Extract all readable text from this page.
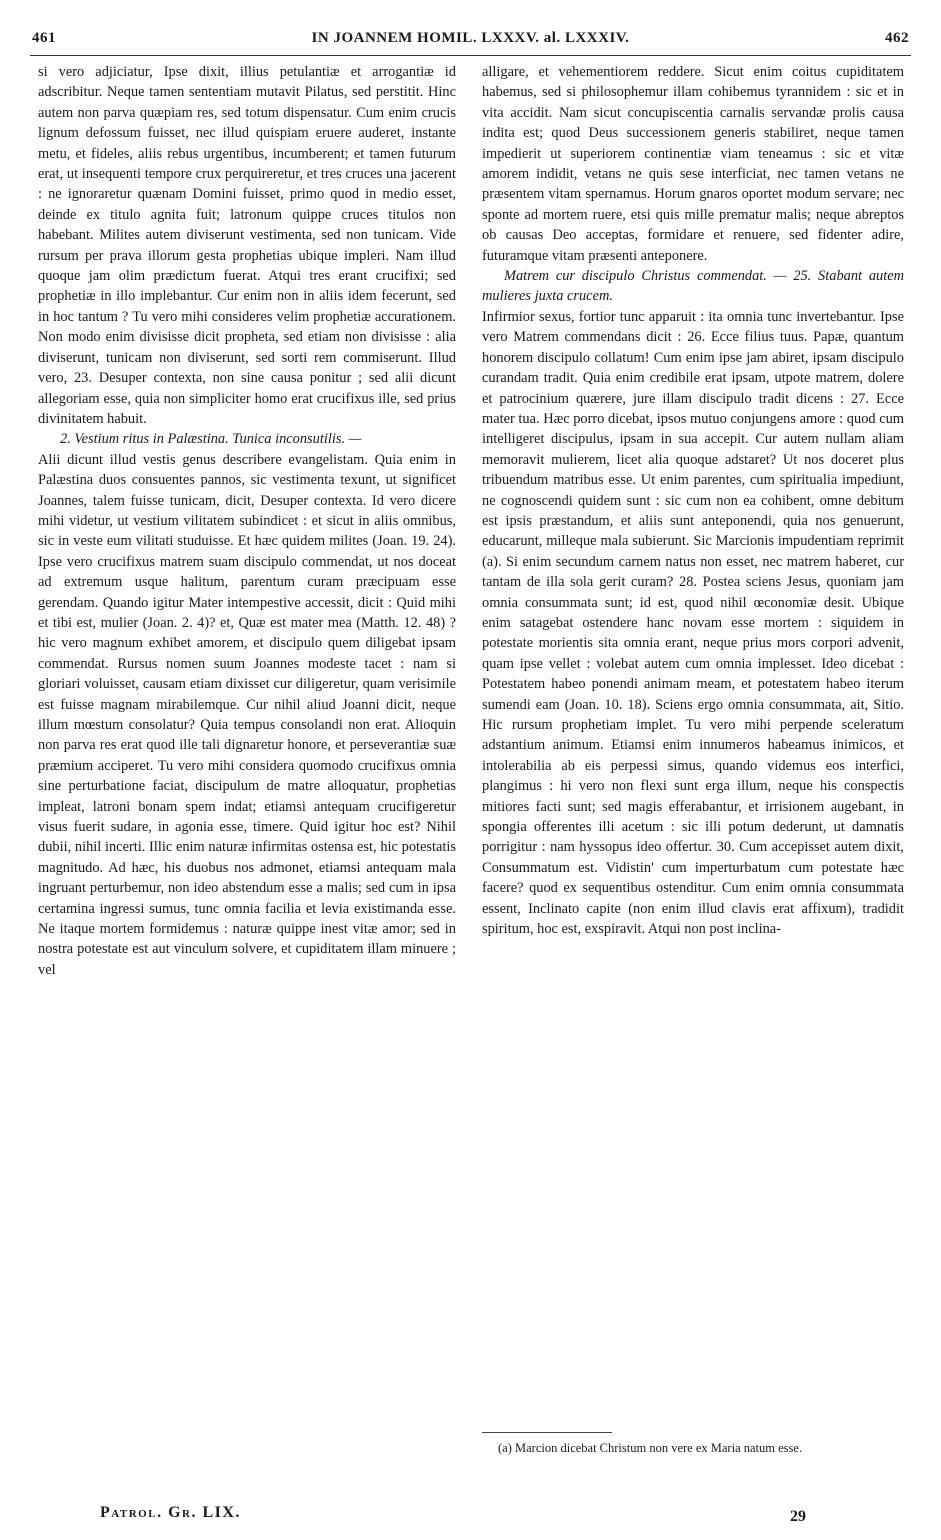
461	IN JOANNEM HOMIL. LXXXV. al. LXXXIV.	462

si vero adjiciatur, Ipse dixit, illius petulantiæ et arrogantiæ id adscribitur. Neque tamen sententiam mutavit Pilatus, sed perstitit. Hinc autem non parva quæpiam res, sed totum dispensatur. Cum enim crucis lignum defossum fuisset, nec illud quispiam eruere auderet, instante metu, et fideles, aliis rebus urgentibus, incumberent; et tamen futurum erat, ut insequenti tempore crux perquireretur, et tres cruces una jacerent : ne ignoraretur quænam Domini fuisset, primo quod in medio esset, deinde ex titulo agnita fuit; latronum quippe cruces titulos non habebant. Milites autem diviserunt vestimenta, sed non tunicam. Vide rursum per prava illorum gesta prophetias ubique impleri. Nam illud quoque jam olim prædictum fuerat. Atqui tres erant crucifixi; sed prophetiæ in illo implebantur. Cur enim non in aliis idem fecerunt, sed in hoc tantum ? Tu vero mihi consideres velim prophetiæ accurationem. Non modo enim divisisse dicit propheta, sed etiam non divisisse : alia diviserunt, tunicam non diviserunt, sed sorti rem commiserunt. Illud vero, 23. Desuper contexta, non sine causa ponitur ; sed alii dicunt allegoriam esse, quia non simpliciter homo erat crucifixus ille, sed prius divinitatem habuit.

2. Vestium ritus in Palæstina. Tunica inconsutilis. —

Alii dicunt illud vestis genus describere evangelistam. Quia enim in Palæstina duos consuentes pannos, sic vestimenta texunt, ut significet Joannes, talem fuisse tunicam, dicit, Desuper contexta. Id vero dicere mihi videtur, ut vestium vilitatem subindicet : et sicut in aliis omnibus, sic in veste eum vilitati studuisse. Et hæc quidem milites (Joan. 19. 24). Ipse vero crucifixus matrem suam discipulo commendat, ut nos doceat ad extremum usque halitum, parentum curam præcipuam esse gerendam. Quando igitur Mater intempestive accessit, dicit : Quid mihi et tibi est, mulier (Joan. 2. 4)? et, Quæ est mater mea (Matth. 12. 48) ? hic vero magnum exhibet amorem, et discipulo quem diligebat ipsam commendat. Rursus nomen suum Joannes modeste tacet : nam si gloriari voluisset, causam etiam dixisset cur diligeretur, quam verisimile est fuisse magnam mirabilemque. Cur nihil aliud Joanni dicit, neque illum mœstum consolatur? Quia tempus consolandi non erat. Alioquin non parva res erat quod ille tali dignaretur honore, et perseverantiæ suæ præmium acciperet. Tu vero mihi considera quomodo crucifixus omnia sine perturbatione faciat, discipulum de matre alloquatur, prophetias impleat, latroni bonam spem indat; etiamsi antequam crucifigeretur visus fuerit sudare, in agonia esse, timere. Quid igitur hoc est? Nihil dubii, nihil incerti. Illic enim naturæ infirmitas ostensa est, hic potestatis magnitudo. Ad hæc, his duobus nos admonet, etiamsi antequam mala ingruant perturbemur, non ideo abstendum esse a malis; sed cum in ipsa certamina ingressi sumus, tunc omnia facilia et levia existimanda esse. Ne itaque mortem formidemus : naturæ quippe inest vitæ amor; sed in nostra potestate est aut vinculum solvere, et cupiditatem illam minuere ; vel

alligare, et vehementiorem reddere. Sicut enim coitus cupiditatem habemus, sed si philosophemur illam cohibemus tyrannidem : sic et in vita accidit. Nam sicut concupiscentia carnalis servandæ prolis causa indita est; quod Deus successionem generis stabiliret, neque tamen impedierit ut superiorem continentiæ viam teneamus : sic et vitæ amorem indidit, vetans ne quis sese interficiat, nec tamen vetans ne præsentem vitam spernamus. Horum gnaros oportet modum servare; nec sponte ad mortem ruere, etsi quis mille prematur malis; neque abreptos ob causas Deo acceptas, formidare et renuere, sed fidenter adire, futuramque vitam præsenti anteponere.

Matrem cur discipulo Christus commendat. — 25. Stabant autem mulieres juxta crucem.

Infirmior sexus, fortior tunc apparuit : ita omnia tunc invertebantur. Ipse vero Matrem commendans dicit : 26. Ecce filius tuus. Papæ, quantum honorem discipulo collatum! Cum enim ipse jam abiret, ipsam discipulo curandam tradit. Quia enim credibile erat ipsam, utpote matrem, dolere et patrocinium quærere, jure illam discipulo tradit dicens : 27. Ecce mater tua. Hæc porro dicebat, ipsos mutuo conjungens amore : quod cum intelligeret discipulus, ipsam in sua accepit. Cur autem nullam aliam memoravit mulierem, licet alia quoque adstaret? Ut nos doceret plus tribuendum matribus esse. Ut enim parentes, cum spiritualia impediunt, ne cognoscendi quidem sunt : sic cum non ea cohibent, omne debitum est ipsis præstandum, et aliis sunt anteponendi, quia nos genuerunt, educarunt, milleque mala subierunt. Sic Marcionis impudentiam reprimit (a). Si enim secundum carnem natus non esset, nec matrem haberet, cur tantam de illa sola gerit curam? 28. Postea sciens Jesus, quoniam jam omnia consummata sunt; id est, quod nihil œconomiæ desit. Ubique enim satagebat ostendere hanc novam esse mortem : siquidem in potestate morientis sita omnia erant, neque prius mors corpori advenit, quam ipse vellet : volebat autem cum omnia implesset. Ideo dicebat : Potestatem habeo ponendi animam meam, et potestatem habeo iterum sumendi eam (Joan. 10. 18). Sciens ergo omnia consummata, ait, Sitio. Hic rursum prophetiam implet. Tu vero mihi perpende sceleratum adstantium animum. Etiamsi enim innumeros habeamus inimicos, et intolerabilia ab eis perpessi simus, quando videmus eos interfici, plangimus : hi vero non flexi sunt erga illum, neque his conspectis mitiores facti sunt; sed magis efferabantur, et irrisionem augebant, in spongia offerentes illi acetum : sic illi potum dederunt, ut damnatis porrigitur : nam hyssopus ideo offertur. 30. Cum accepisset autem dixit, Consummatum est. Vidistin' cum imperturbatum cum potestate hæc facere? quod ex sequentibus ostenditur. Cum enim omnia consummata essent, Inclinato capite (non enim illud clavis erat affixum), tradidit spiritum, hoc est, exspiravit. Atqui non post inclina-

(a) Marcion dicebat Christum non vere ex Maria natum esse.
Patrol. Gr. LIX.	29
